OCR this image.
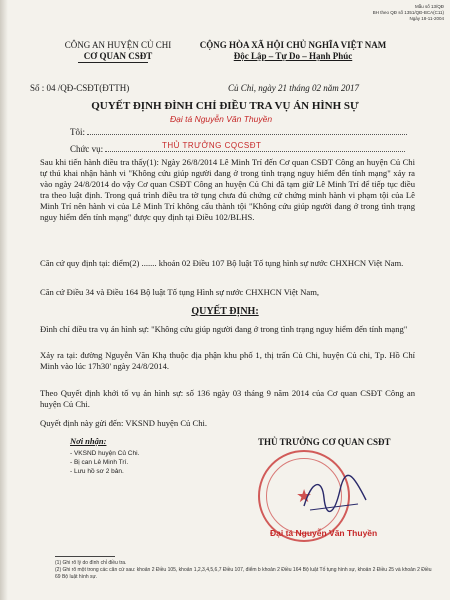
Mẫu số 13/QĐ
BH theo QĐ số 1351/QĐ-BCA(C11)
Ngày 18-11-2004
CÔNG AN HUYỆN CỦ CHI
CƠ QUAN CSĐT
CỘNG HÒA XÃ HỘI CHỦ NGHĨA VIỆT NAM
Độc Lập – Tự Do – Hạnh Phúc
Số : 04 /QĐ-CSĐT(ĐTTH)	Củ Chi, ngày 21 tháng 02 năm 2017
QUYẾT ĐỊNH ĐÌNH CHỈ ĐIỀU TRA VỤ ÁN HÌNH SỰ
Đại tá Nguyễn Văn Thuyền
Tôi:
Chức vụ:	THỦ TRƯỞNG CQCSĐT
Sau khi tiến hành điều tra thấy(1): Ngày 26/8/2014 Lê Minh Trí đến Cơ quan CSĐT Công an huyện Củ Chi tự thú khai nhận hành vi "Không cứu giúp người đang ở trong tình trạng nguy hiểm đến tính mạng" xảy ra vào ngày 24/8/2014 do vậy Cơ quan CSĐT Công an huyện Củ Chi đã tạm giữ Lê Minh Trí để tiếp tục điều tra theo luật định. Trong quá trình điều tra tờ tụng chưa đủ chứng cứ chứng minh hành vi phạm tội của Lê Minh Trí nên hành vi của Lê Minh Trí không cấu thành tội "Không cứu giúp người đang ở trong tình trạng nguy hiểm đến tính mạng" được quy định tại Điều 102/BLHS.
Căn cứ quy định tại: điểm(2) ....... khoản 02 Điều 107 Bộ luật Tố tụng hình sự nước CHXHCN Việt Nam.
Căn cứ Điều 34 và Điều 164 Bộ luật Tố tụng Hình sự nước CHXHCN Việt Nam,
QUYẾT ĐỊNH:
Đình chỉ điều tra vụ án hình sự: "Không cứu giúp người đang ở trong tình trạng nguy hiểm đến tính mạng"
Xảy ra tại: đường Nguyễn Văn Khạ thuộc địa phận khu phố 1, thị trấn Củ Chi, huyện Củ chi, Tp. Hồ Chí Minh vào lúc 17h30' ngày 24/8/2014.
Theo Quyết định khởi tố vụ án hình sự: số 136 ngày 03 tháng 9 năm 2014 của Cơ quan CSĐT Công an huyện Củ Chi.
Quyết định này gửi đến: VKSND huyện Củ Chi.
Nơi nhận:
- VKSND huyện Củ Chi.
- Bị can Lê Minh Trí.
- Lưu hồ sơ 2 bản.
THỦ TRƯỞNG CƠ QUAN CSĐT
★
Đại tá Nguyễn Văn Thuyền
(1) Ghi rõ lý do đình chỉ điều tra.
(2) Ghi rõ một trong các căn cứ sau: khoản 2 Điều 105, khoản 1,2,3,4,5,6,7 Điều 107, điểm b khoản 2 Điều 164 Bộ luật Tố tụng hình sự, khoản 2 Điều 25 và khoản 2 Điều 69 Bộ luật hình sự.
